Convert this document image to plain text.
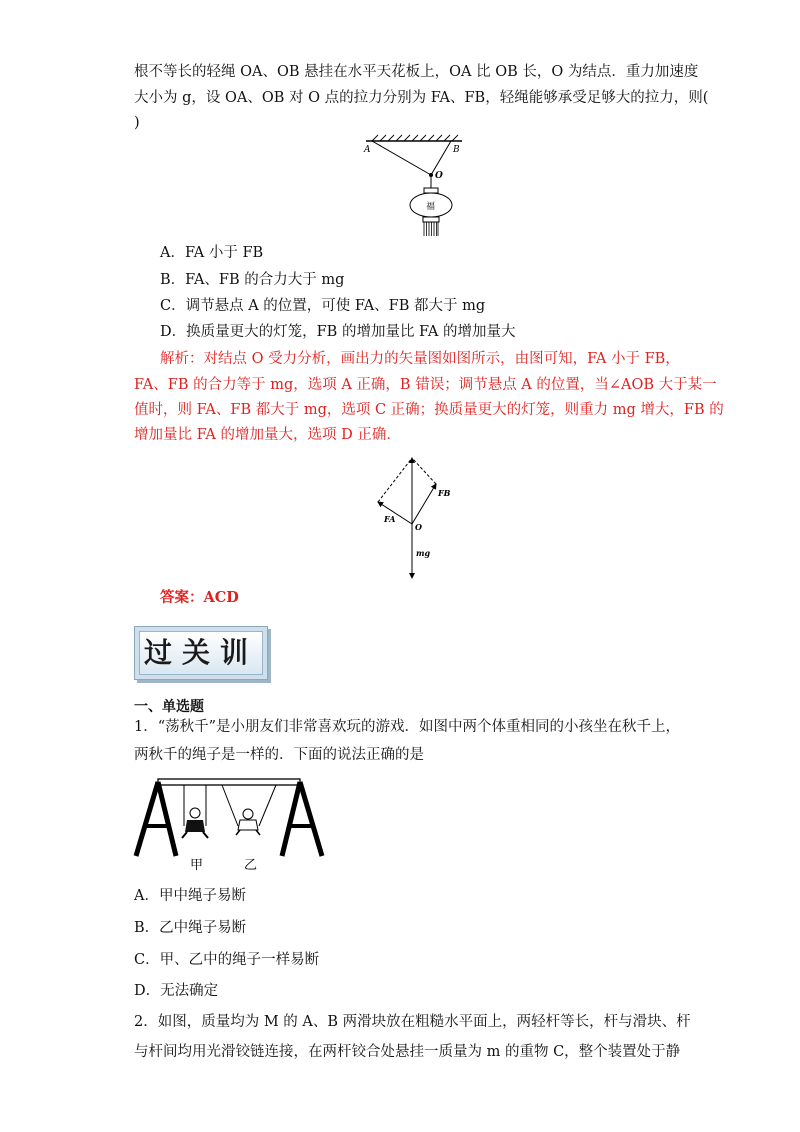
根不等长的轻绳 OA、OB 悬挂在水平天花板上，OA 比 OB 长，O 为结点．重力加速度
大小为 g，设 OA、OB 对 O 点的拉力分别为 FA、FB，轻绳能够承受足够大的拉力，则(
)
A	B
O
福
A．FA 小于 FB
B．FA、FB 的合力大于 mg
C．调节悬点 A 的位置，可使 FA、FB 都大于 mg
D．换质量更大的灯笼，FB 的增加量比 FA 的增加量大
解析：对结点 O 受力分析，画出力的矢量图如图所示，由图可知，FA 小于 FB，
FA、FB 的合力等于 mg，选项 A 正确，B 错误；调节悬点 A 的位置，当∠AOB 大于某一
值时，则 FA、FB 都大于 mg，选项 C 正确；换质量更大的灯笼，则重力 mg 增大，FB 的
增加量比 FA 的增加量大，选项 D 正确．
FB
FA
O
mg
答案：ACD
过关训
一、单选题
1．“荡秋千”是小朋友们非常喜欢玩的游戏．如图中两个体重相同的小孩坐在秋千上，
两秋千的绳子是一样的．下面的说法正确的是
甲	乙
A．甲中绳子易断
B．乙中绳子易断
C．甲、乙中的绳子一样易断
D．无法确定
2．如图，质量均为 M 的 A、B 两滑块放在粗糙水平面上，两轻杆等长，杆与滑块、杆
与杆间均用光滑铰链连接，在两杆铰合处悬挂一质量为 m 的重物 C，整个装置处于静
